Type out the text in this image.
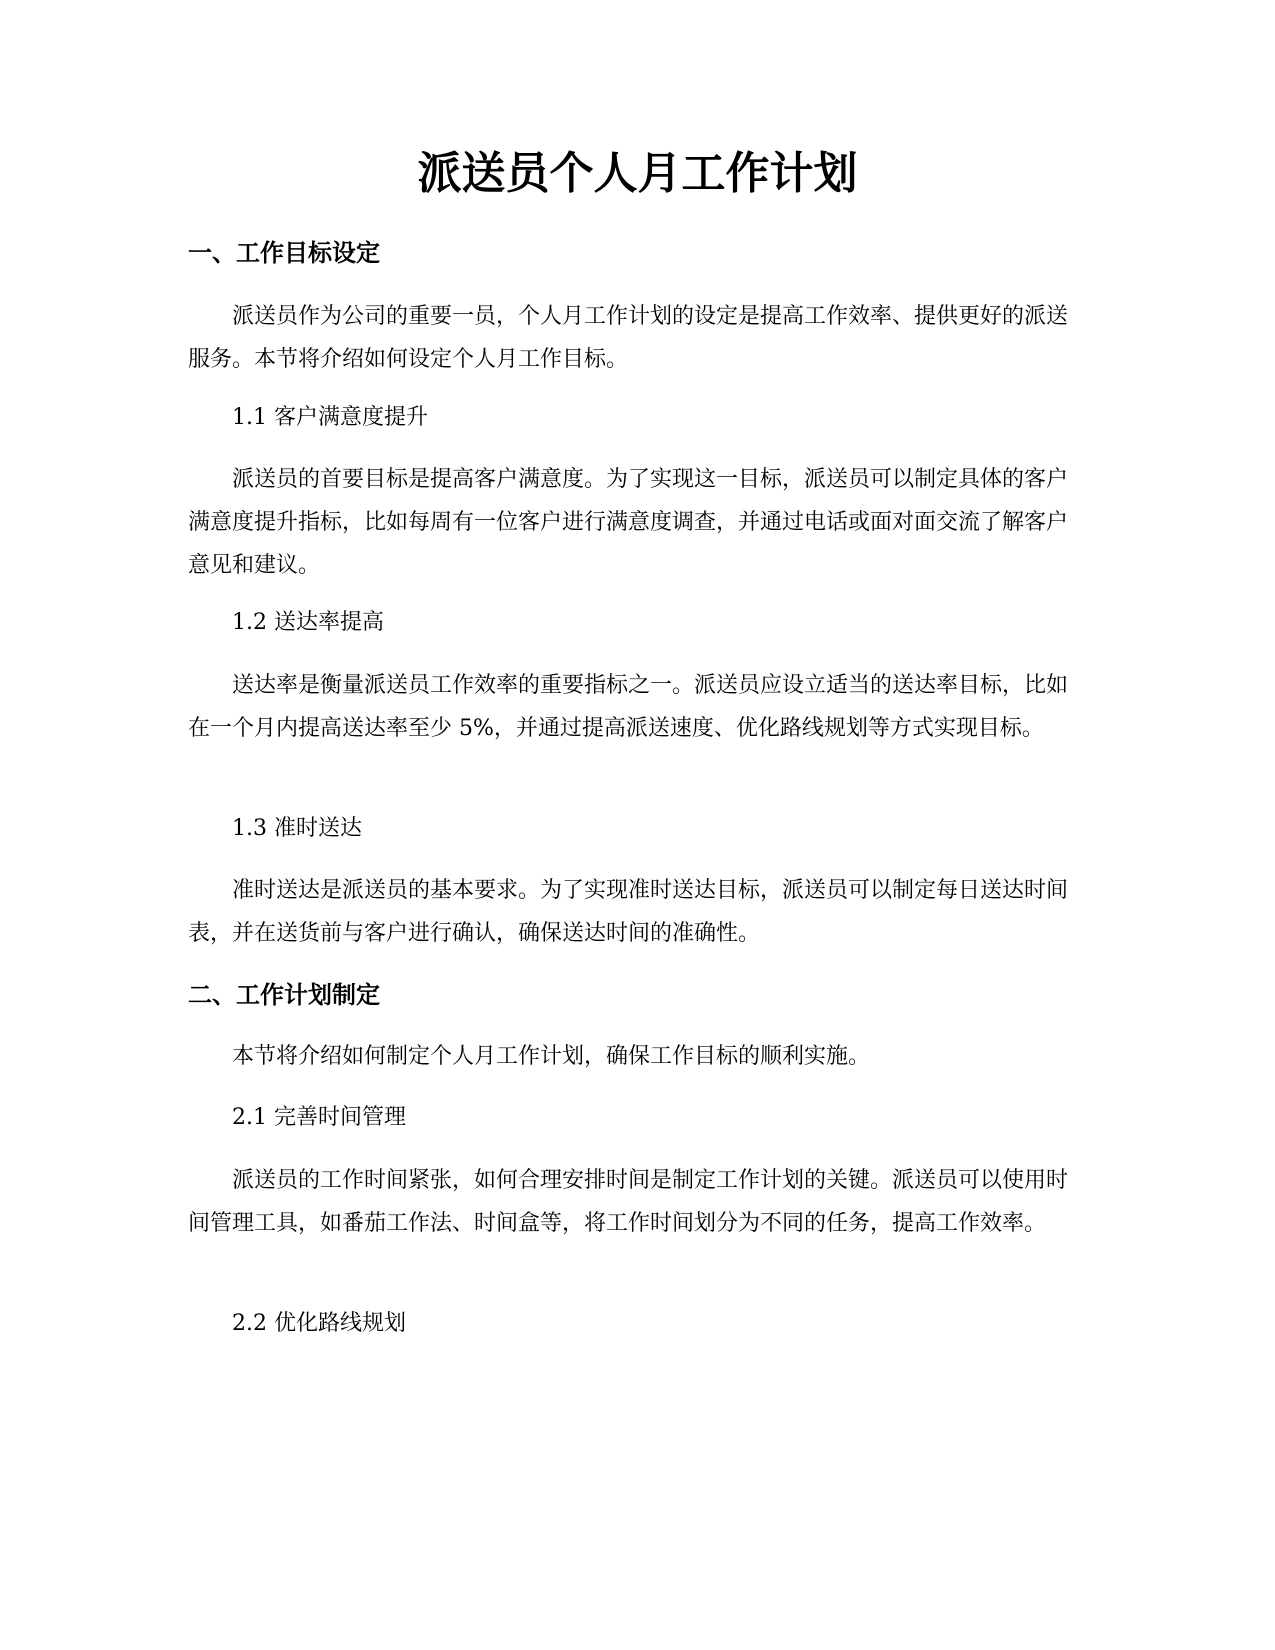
派送员个人月工作计划
一、工作目标设定

派送员作为公司的重要一员，个人月工作计划的设定是提高工作效率、提供更好的派送服务。本节将介绍如何设定个人月工作目标。

1.1 客户满意度提升

派送员的首要目标是提高客户满意度。为了实现这一目标，派送员可以制定具体的客户满意度提升指标，比如每周有一位客户进行满意度调查，并通过电话或面对面交流了解客户意见和建议。

1.2 送达率提高

送达率是衡量派送员工作效率的重要指标之一。派送员应设立适当的送达率目标，比如在一个月内提高送达率至少 5%，并通过提高派送速度、优化路线规划等方式实现目标。

1.3 准时送达

准时送达是派送员的基本要求。为了实现准时送达目标，派送员可以制定每日送达时间表，并在送货前与客户进行确认，确保送达时间的准确性。

二、工作计划制定

本节将介绍如何制定个人月工作计划，确保工作目标的顺利实施。

2.1 完善时间管理

派送员的工作时间紧张，如何合理安排时间是制定工作计划的关键。派送员可以使用时间管理工具，如番茄工作法、时间盒等，将工作时间划分为不同的任务，提高工作效率。

2.2 优化路线规划
